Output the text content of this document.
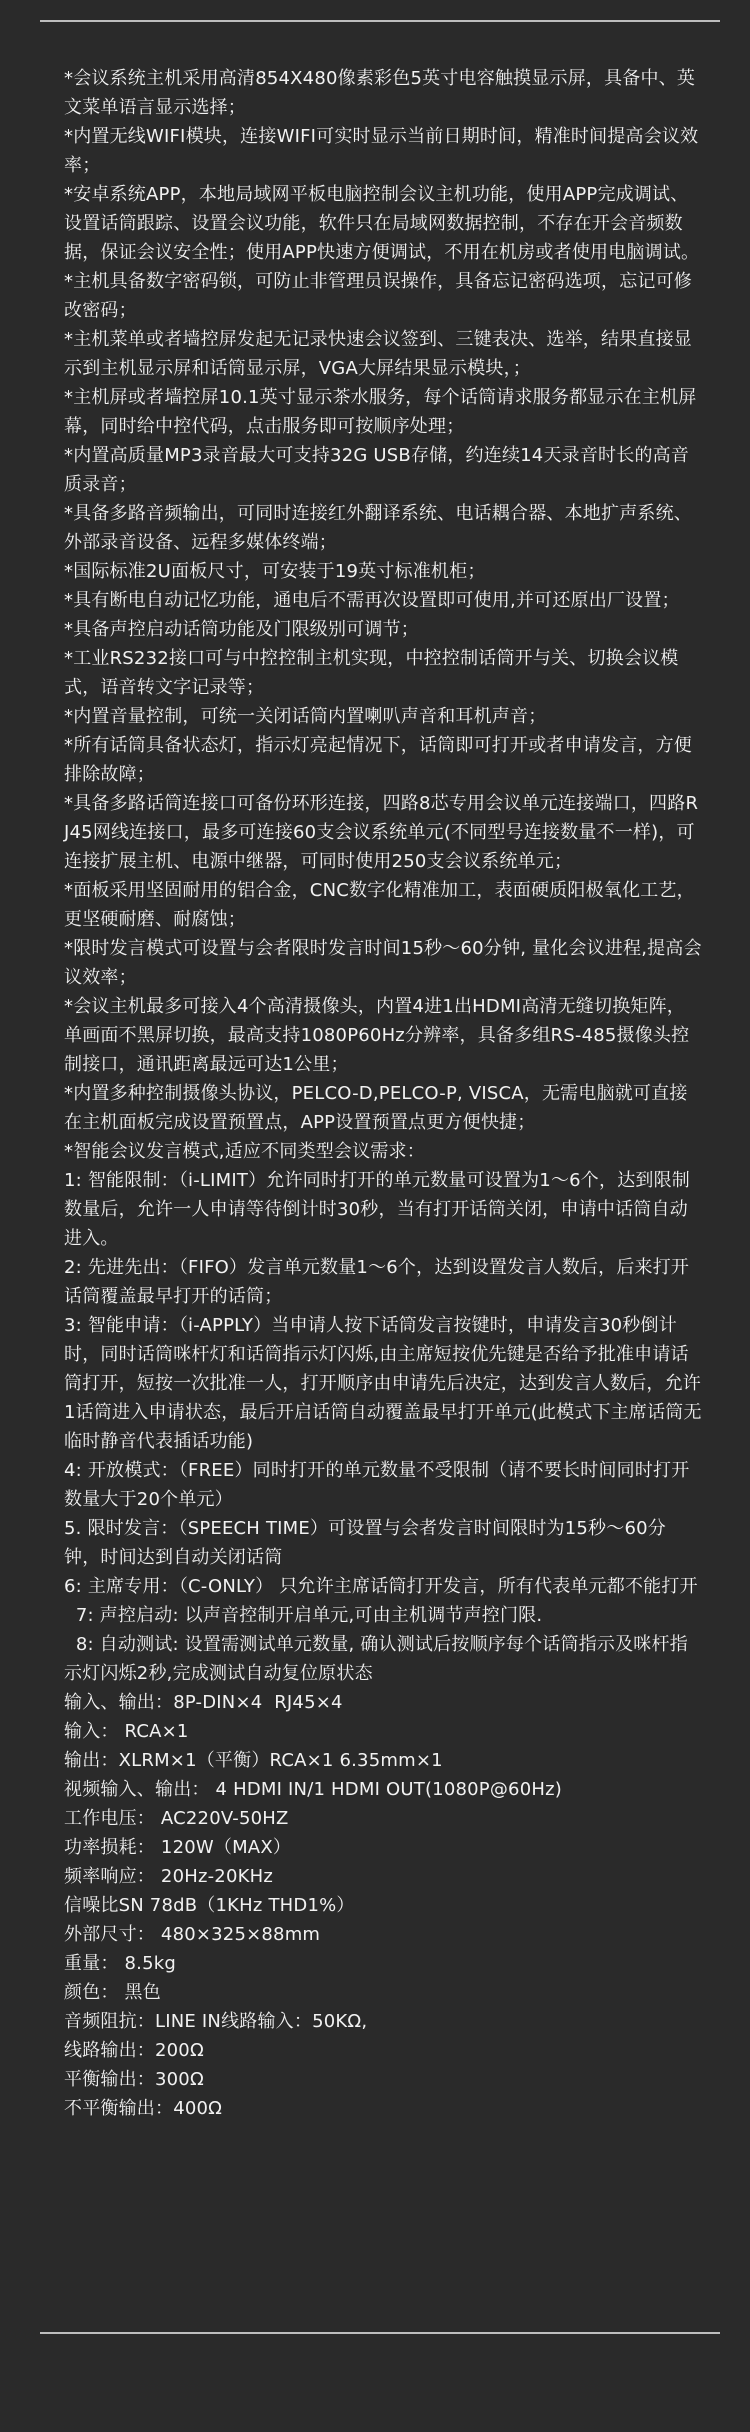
*会议系统主机采用高清854X480像素彩色5英寸电容触摸显示屏，具备中、英文菜单语言显示选择；

*内置无线WIFI模块，连接WIFI可实时显示当前日期时间，精准时间提高会议效率；

*安卓系统APP，本地局域网平板电脑控制会议主机功能，使用APP完成调试、设置话筒跟踪、设置会议功能，软件只在局域网数据控制，不存在开会音频数据，保证会议安全性；使用APP快速方便调试，不用在机房或者使用电脑调试。

*主机具备数字密码锁，可防止非管理员误操作，具备忘记密码选项，忘记可修改密码；

*主机菜单或者墙控屏发起无记录快速会议签到、三键表决、选举，结果直接显示到主机显示屏和话筒显示屏，VGA大屏结果显示模块，；

*主机屏或者墙控屏10.1英寸显示茶水服务，每个话筒请求服务都显示在主机屏幕，同时给中控代码，点击服务即可按顺序处理；

*内置高质量MP3录音最大可支持32G USB存储，约连续14天录音时长的高音质录音；

*具备多路音频输出，可同时连接红外翻译系统、电话耦合器、本地扩声系统、外部录音设备、远程多媒体终端；

*国际标准2U面板尺寸，可安装于19英寸标准机柜；

*具有断电自动记忆功能，通电后不需再次设置即可使用,并可还原出厂设置；

*具备声控启动话筒功能及门限级别可调节；

*工业RS232接口可与中控控制主机实现，中控控制话筒开与关、切换会议模式，语音转文字记录等；

*内置音量控制，可统一关闭话筒内置喇叭声音和耳机声音；

*所有话筒具备状态灯，指示灯亮起情况下，话筒即可打开或者申请发言，方便排除故障；

*具备多路话筒连接口可备份环形连接，四路8芯专用会议单元连接端口，四路RJ45网线连接口，最多可连接60支会议系统单元(不同型号连接数量不一样)，可连接扩展主机、电源中继器，可同时使用250支会议系统单元；

*面板采用坚固耐用的铝合金，CNC数字化精准加工，表面硬质阳极氧化工艺，更坚硬耐磨、耐腐蚀；

*限时发言模式可设置与会者限时发言时间15秒～60分钟, 量化会议进程,提高会议效率；

*会议主机最多可接入4个高清摄像头，内置4进1出HDMI高清无缝切换矩阵，单画面不黑屏切换，最高支持1080P60Hz分辨率，具备多组RS-485摄像头控制接口，通讯距离最远可达1公里；

*内置多种控制摄像头协议，PELCO-D,PELCO-P, VISCA，无需电脑就可直接在主机面板完成设置预置点，APP设置预置点更方便快捷；

*智能会议发言模式,适应不同类型会议需求：

1: 智能限制：（i-LIMIT）允许同时打开的单元数量可设置为1～6个，达到限制数量后，允许一人申请等待倒计时30秒，当有打开话筒关闭，申请中话筒自动进入。

2: 先进先出：（FIFO）发言单元数量1～6个，达到设置发言人数后，后来打开话筒覆盖最早打开的话筒；

3: 智能申请：（i-APPLY）当申请人按下话筒发言按键时，申请发言30秒倒计时，同时话筒咪杆灯和话筒指示灯闪烁,由主席短按优先键是否给予批准申请话筒打开，短按一次批准一人，打开顺序由申请先后决定，达到发言人数后，允许1话筒进入申请状态，最后开启话筒自动覆盖最早打开单元(此模式下主席话筒无临时静音代表插话功能)

4: 开放模式：（FREE）同时打开的单元数量不受限制（请不要长时间同时打开数量大于20个单元）

5. 限时发言：（SPEECH TIME）可设置与会者发言时间限时为15秒～60分钟，时间达到自动关闭话筒

6: 主席专用：（C-ONLY） 只允许主席话筒打开发言，所有代表单元都不能打开

7: 声控启动: 以声音控制开启单元,可由主机调节声控门限.

8: 自动测试: 设置需测试单元数量, 确认测试后按顺序每个话筒指示及咪杆指示灯闪烁2秒,完成测试自动复位原状态

输入、输出：8P-DIN×4  RJ45×4

输入： RCA×1

输出：XLRM×1（平衡）RCA×1 6.35mm×1

视频输入、输出： 4 HDMI IN/1 HDMI OUT(1080P@60Hz)

工作电压： AC220V-50HZ

功率损耗： 120W（MAX）

频率响应： 20Hz-20KHz

信噪比SN 78dB（1KHz THD1%）

外部尺寸： 480×325×88mm

重量： 8.5kg

颜色： 黑色

音频阻抗：LINE IN线路输入：50KΩ,

线路输出：200Ω

平衡输出：300Ω

不平衡输出：400Ω
